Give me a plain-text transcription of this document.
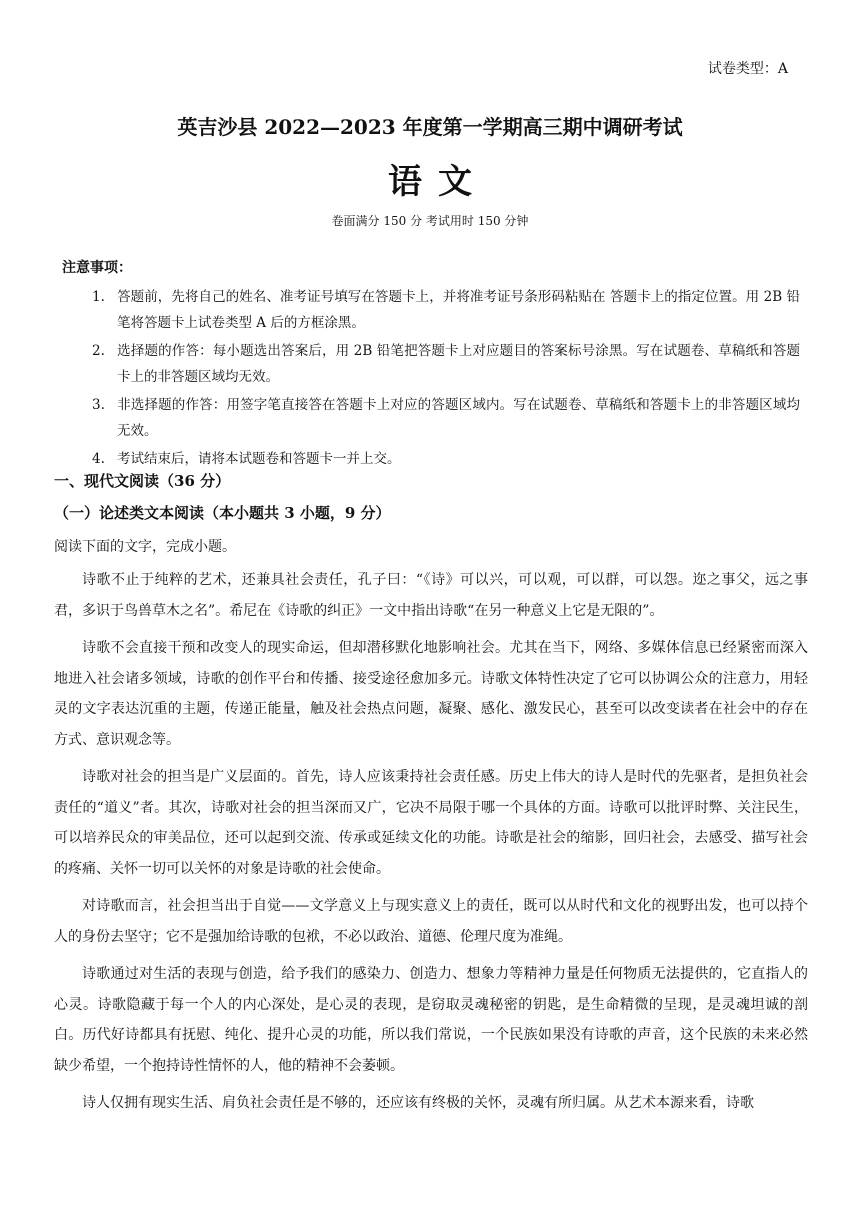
试卷类型：A
英吉沙县 2022—2023 年度第一学期高三期中调研考试
语文
卷面满分 150 分 考试用时 150 分钟
注意事项：
1. 答题前，先将自己的姓名、准考证号填写在答题卡上，并将准考证号条形码粘贴在 答题卡上的指定位置。用 2B 铅笔将答题卡上试卷类型 A 后的方框涂黑。
2. 选择题的作答：每小题选出答案后，用 2B 铅笔把答题卡上对应题目的答案标号涂黑。写在试题卷、草稿纸和答题卡上的非答题区域均无效。
3. 非选择题的作答：用签字笔直接答在答题卡上对应的答题区域内。写在试题卷、草稿纸和答题卡上的非答题区域均无效。
4. 考试结束后，请将本试题卷和答题卡一并上交。
一、现代文阅读（36 分）
（一）论述类文本阅读（本小题共 3 小题，9 分）
阅读下面的文字，完成小题。

诗歌不止于纯粹的艺术，还兼具社会责任，孔子曰：“《诗》可以兴，可以观，可以群，可以怨。迩之事父，远之事君，多识于鸟兽草木之名”。希尼在《诗歌的纠正》一文中指出诗歌“在另一种意义上它是无限的”。

诗歌不会直接干预和改变人的现实命运，但却潜移默化地影响社会。尤其在当下，网络、多媒体信息已经紧密而深入地进入社会诸多领域，诗歌的创作平台和传播、接受途径愈加多元。诗歌文体特性决定了它可以协调公众的注意力，用轻灵的文字表达沉重的主题，传递正能量，触及社会热点问题，凝聚、感化、激发民心，甚至可以改变读者在社会中的存在方式、意识观念等。

诗歌对社会的担当是广义层面的。首先，诗人应该秉持社会责任感。历史上伟大的诗人是时代的先驱者，是担负社会责任的“道义”者。其次，诗歌对社会的担当深而又广，它决不局限于哪一个具体的方面。诗歌可以批评时弊、关注民生，可以培养民众的审美品位，还可以起到交流、传承或延续文化的功能。诗歌是社会的缩影，回归社会，去感受、描写社会的疼痛、关怀一切可以关怀的对象是诗歌的社会使命。

对诗歌而言，社会担当出于自觉——文学意义上与现实意义上的责任，既可以从时代和文化的视野出发，也可以持个人的身份去坚守；它不是强加给诗歌的包袱，不必以政治、道德、伦理尺度为准绳。

诗歌通过对生活的表现与创造，给予我们的感染力、创造力、想象力等精神力量是任何物质无法提供的，它直指人的心灵。诗歌隐藏于每一个人的内心深处，是心灵的表现，是窃取灵魂秘密的钥匙，是生命精微的呈现，是灵魂坦诚的剖白。历代好诗都具有抚慰、纯化、提升心灵的功能，所以我们常说，一个民族如果没有诗歌的声音，这个民族的未来必然缺少希望，一个抱持诗性情怀的人，他的精神不会萎顿。

诗人仅拥有现实生活、肩负社会责任是不够的，还应该有终极的关怀，灵魂有所归属。从艺术本源来看，诗歌
